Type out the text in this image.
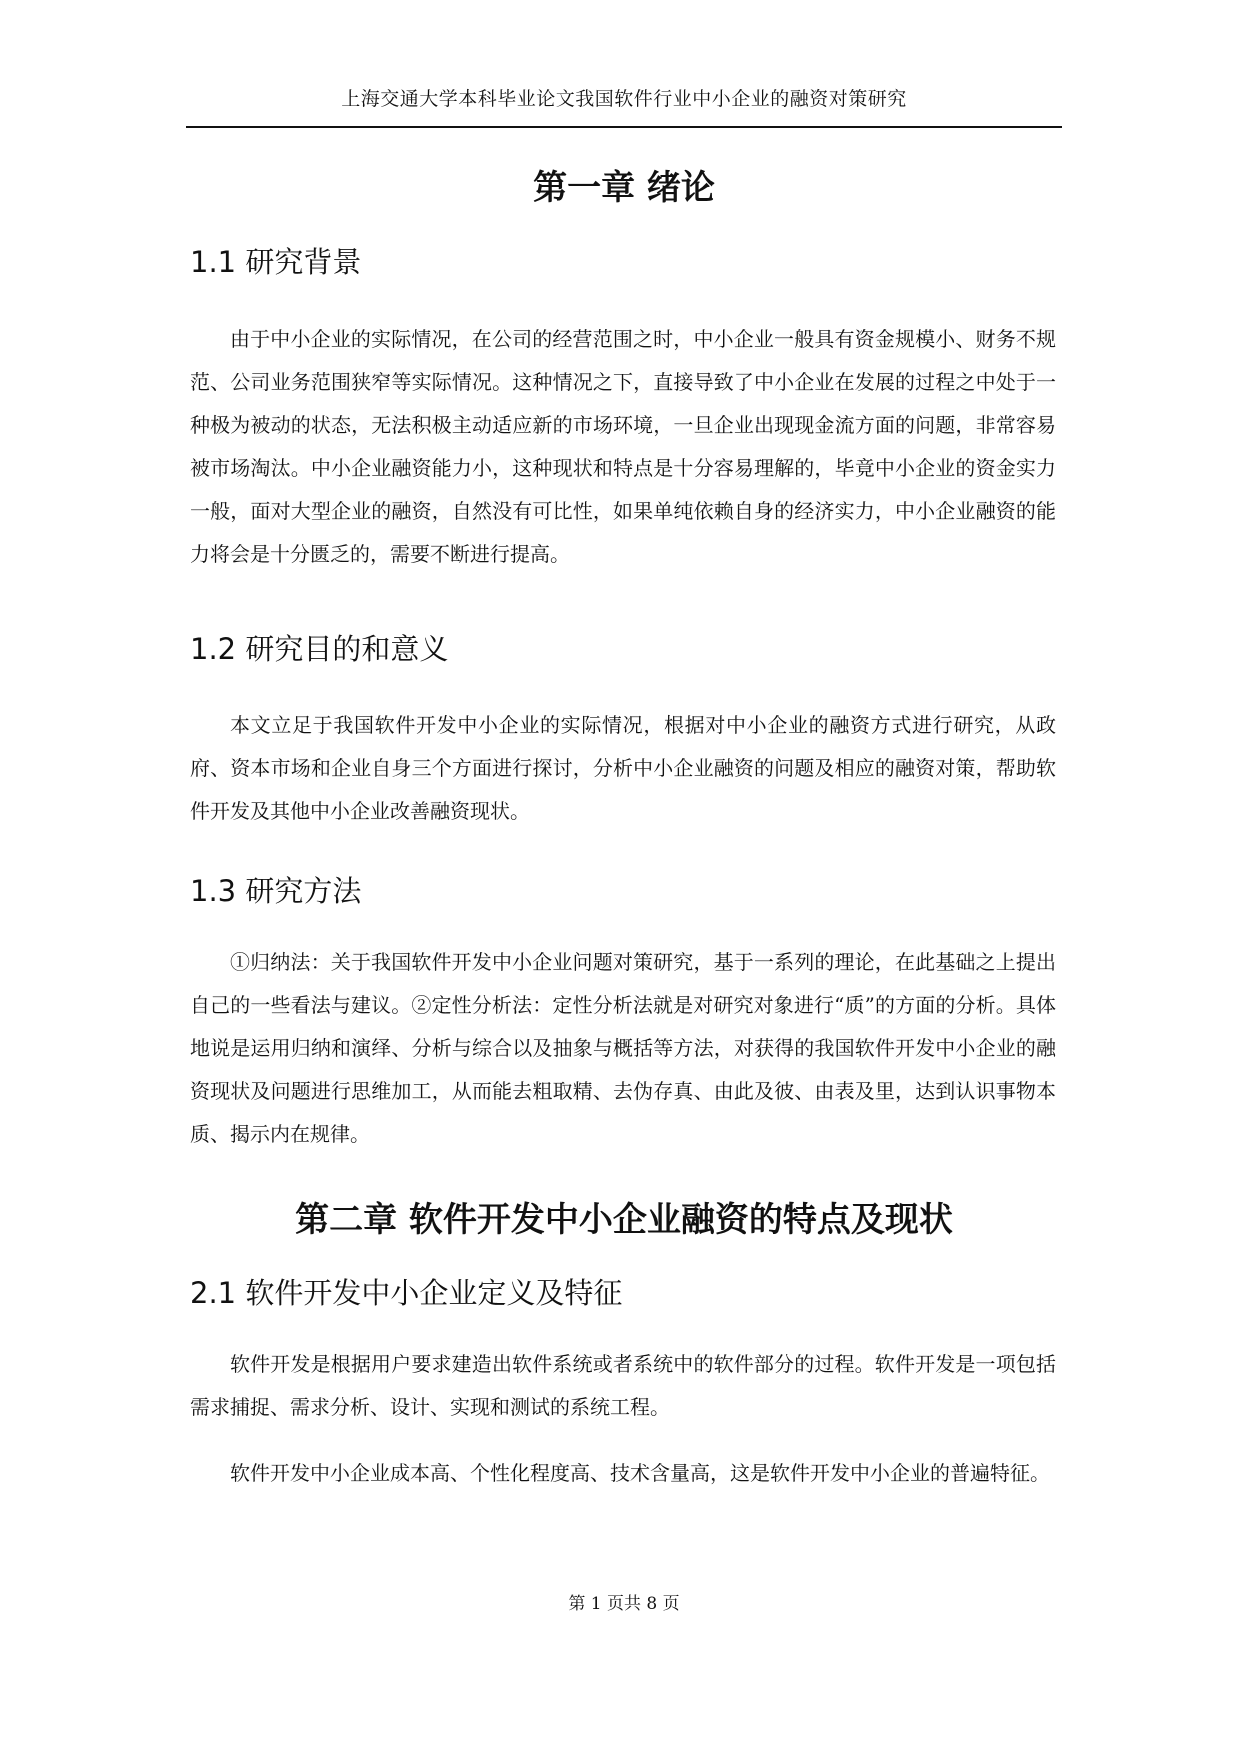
上海交通大学本科毕业论文我国软件行业中小企业的融资对策研究
第一章 绪论
1.1 研究背景

由于中小企业的实际情况，在公司的经营范围之时，中小企业一般具有资金规模小、财务不规范、公司业务范围狭窄等实际情况。这种情况之下，直接导致了中小企业在发展的过程之中处于一种极为被动的状态，无法积极主动适应新的市场环境，一旦企业出现现金流方面的问题，非常容易被市场淘汰。中小企业融资能力小，这种现状和特点是十分容易理解的，毕竟中小企业的资金实力一般，面对大型企业的融资，自然没有可比性，如果单纯依赖自身的经济实力，中小企业融资的能力将会是十分匮乏的，需要不断进行提高。

1.2 研究目的和意义

本文立足于我国软件开发中小企业的实际情况，根据对中小企业的融资方式进行研究，从政府、资本市场和企业自身三个方面进行探讨，分析中小企业融资的问题及相应的融资对策，帮助软件开发及其他中小企业改善融资现状。

1.3 研究方法

①归纳法：关于我国软件开发中小企业问题对策研究，基于一系列的理论，在此基础之上提出自己的一些看法与建议。②定性分析法：定性分析法就是对研究对象进行“质”的方面的分析。具体地说是运用归纳和演绎、分析与综合以及抽象与概括等方法，对获得的我国软件开发中小企业的融资现状及问题进行思维加工，从而能去粗取精、去伪存真、由此及彼、由表及里，达到认识事物本质、揭示内在规律。

第二章 软件开发中小企业融资的特点及现状
2.1 软件开发中小企业定义及特征

软件开发是根据用户要求建造出软件系统或者系统中的软件部分的过程。软件开发是一项包括需求捕捉、需求分析、设计、实现和测试的系统工程。

软件开发中小企业成本高、个性化程度高、技术含量高，这是软件开发中小企业的普遍特征。

第 1 页共 8 页
